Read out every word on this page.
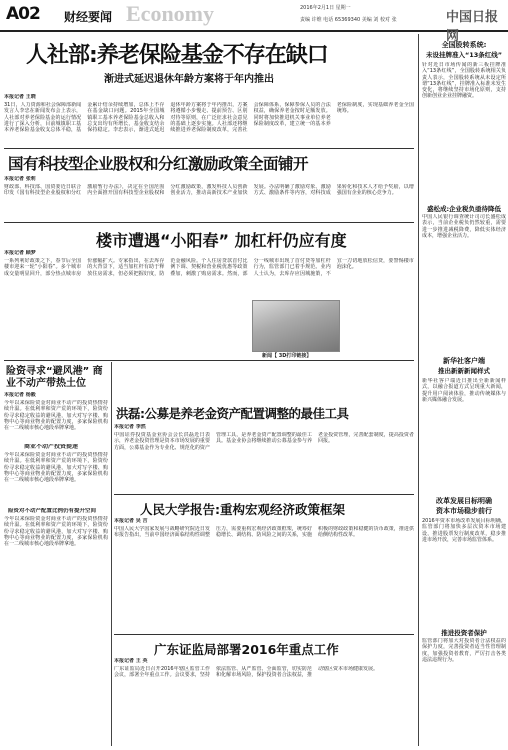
A02 财经要闻 Economy	2016年2月1日 星期一
责编 许维 电话 65369340 美编 刘 校对 张	中国日报网
人社部:养老保险基金不存在缺口
渐进式延迟退休年龄方案将于年内推出
本报记者 王晓
31日，人力资源和社会保障部新闻发言人李忠在新闻发布会上表示，人社部对养老保险基金的运行情况进行了深入分析，目前城镇职工基本养老保险基金收支总体平稳，基金累计结余持续增加，总体上不存在基金缺口问题。2015年全国城镇职工基本养老保险基金总收入和总支出均有所增长，基金收支结余保持稳定。李忠表示，渐进式延迟退休年龄方案将于年内推出，方案将遵循小步慢走、提前预告、区别对待等原则，在广泛征求社会意见的基础上逐步实施。人社部还将继续推进养老保险制度改革，完善社会保障体系，保障参保人员的合法权益，确保养老金按时足额发放。同时将加快推进机关事业单位养老保险制度改革，建立统一的基本养老保险制度，实现基础养老金全国统筹。
国有科技型企业股权和分红激励政策全面铺开
本报记者 张莉
财政部、科技部、国资委近日联合印发《国有科技型企业股权和分红激励暂行办法》，决定在全国范围内全面推开国有科技型企业股权和分红激励政策，激发科技人员创新创业活力，推动高新技术产业加快发展。办法明确了激励对象、激励方式、激励条件等内容，对科技成果转化和技术人才给予奖励，以增强国有企业的核心竞争力。
楼市遭遇“小阳春” 加杠杆仍应有度
本报记者 顾梦
一系列利好政策之下，春节后全国楼市迎来一轮“小阳春”。多个城市成交量明显回升，部分热点城市房价涨幅扩大。专家指出，在去库存的大背景下，适当加杠杆有助于释放住房需求，但必须把握好度，防范金融风险。个人住房贷款首付比例下调、契税和营业税优惠等政策叠加，刺激了购房需求。然而，部分一线城市出现了首付贷等加杠杆行为，监管部门已着手规范。业内人士认为，去库存应因城施策，不宜一刀切地放松信贷，要警惕楼市泡沫化。
新闻【 3D打印链接】
险资寻求“避风港” 商业不动产带热土位
本报记者 杨毅
今年以来保险资金对商业不动产的投资热情持续升温。在低利率和资产荒的环境下，险资纷纷寻求稳定收益的避风港，加大对写字楼、购物中心等商业物业的配置力度，多家保险机构在一二线城市核心地段举牌拿地。
商业不动产投资提速
今年以来保险资金对商业不动产的投资热情持续升温。在低利率和资产荒的环境下，险资纷纷寻求稳定收益的避风港，加大对写字楼、购物中心等商业物业的配置力度，多家保险机构在一二线城市核心地段举牌拿地。
险资对不动产配置比例仍有提升空间
今年以来保险资金对商业不动产的投资热情持续升温。在低利率和资产荒的环境下，险资纷纷寻求稳定收益的避风港，加大对写字楼、购物中心等商业物业的配置力度，多家保险机构在一二线城市核心地段举牌拿地。
洪磊:公募是养老金资产配置调整的最佳工具
本报记者 李然
中国证券投资基金业协会会长洪磊近日表示，养老金投资管理是资本市场发展的重要方面，公募基金作为专业化、规范化的资产管理工具，是养老金资产配置调整的最佳工具。基金业协会将继续推动公募基金参与养老金投资管理，完善配套制度，提高投资者回报。
人民大学报告:重构宏观经济政策框架
本报记者 吴 吉
中国人民大学国家发展与战略研究院近日发布报告指出，当前中国经济面临结构性调整压力，需要重构宏观经济政策框架，统筹好稳增长、调结构、防风险之间的关系，实施积极的财政政策和稳健的货币政策，推进供给侧结构性改革。
广东证监局部署2016年重点工作
本报记者 王 英
广东证监局近日召开2016年辖区监管工作会议，部署全年重点工作。会议要求，坚持依法监管、从严监管、全面监管，切实防范和化解市场风险，保护投资者合法权益，推动辖区资本市场健康发展。
全国股转系统:
未设挂牌准入“13条红线”
针对近日市场传闻的新三板挂牌准入“13条红线”，全国股转系统相关负责人表示，全国股转系统从未设定所谓“13条红线”，挂牌准入标准未发生变化，将继续坚持市场化原则，支持创新创业企业挂牌融资。
盛松成:企业税负亟待降低
中国人民银行调查统计司司长盛松成表示，当前企业税负仍然较重，需要进一步推进减税降费，降低实体经济成本，增强企业活力。
新华社客户端
推出新新新闻样式
新华社客户端近日推出全新新闻样式，以融合报道方式呈现重大新闻，提升用户阅读体验，推动传统媒体与新兴媒体融合发展。
改革发展目标明确
资本市场稳步前行
2016年资本市场改革发展目标明确，监管部门将加快多层次资本市场建设，推进股票发行制度改革，稳步推进市场开放，完善市场监管体系。
推进投资者保护
监管部门将加大对投资者合法权益的保护力度，完善投资者适当性管理制度，加强投资者教育，严厉打击各类违法违规行为。
